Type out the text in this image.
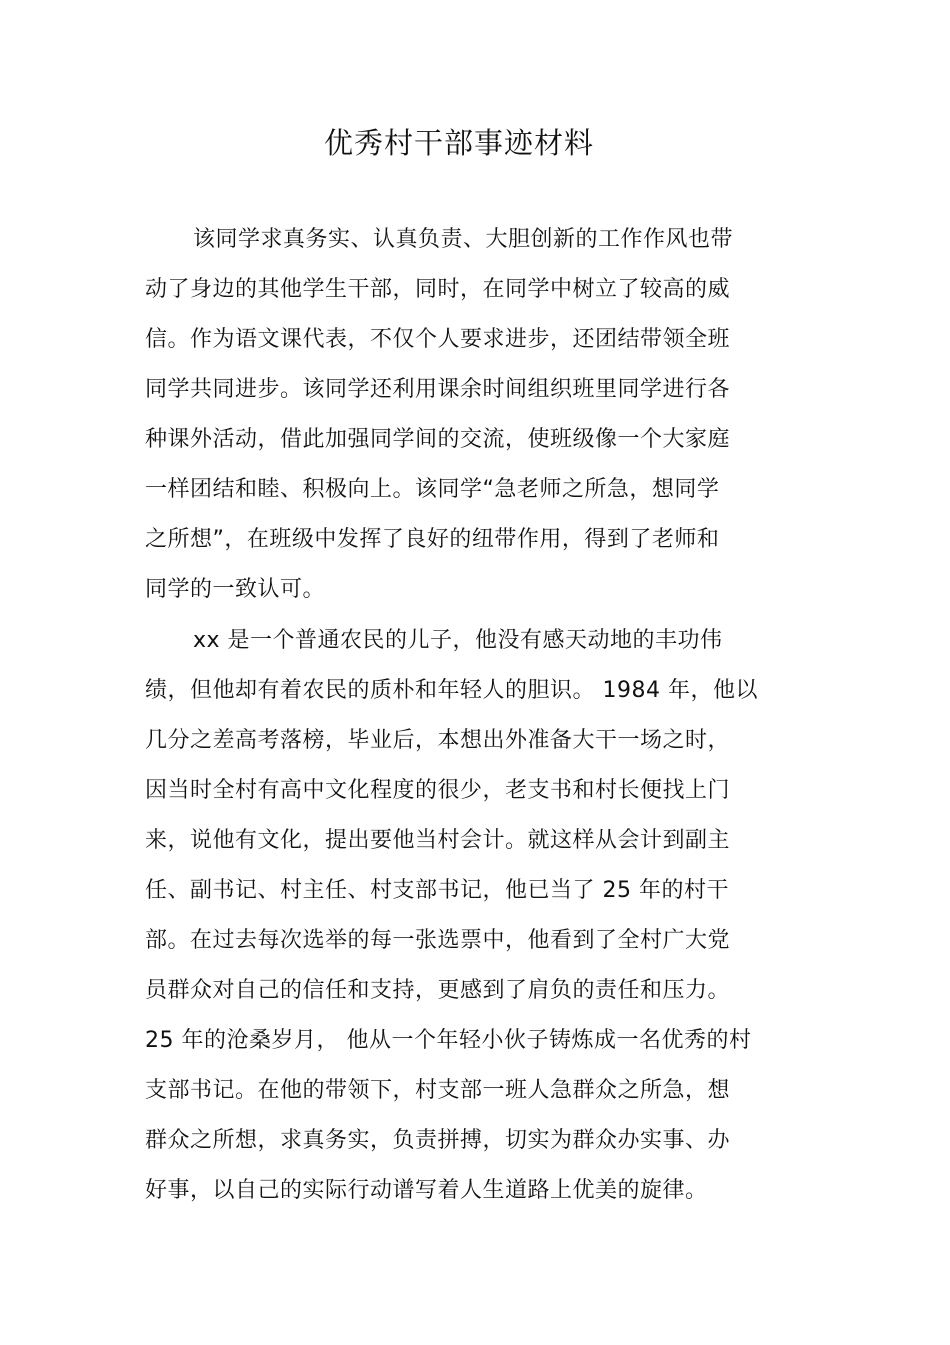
优秀村干部事迹材料
该同学求真务实、认真负责、大胆创新的工作作风也带
动了身边的其他学生干部，同时，在同学中树立了较高的威
信。作为语文课代表，不仅个人要求进步，还团结带领全班
同学共同进步。该同学还利用课余时间组织班里同学进行各
种课外活动，借此加强同学间的交流，使班级像一个大家庭
一样团结和睦、积极向上。该同学“急老师之所急，想同学
之所想”，在班级中发挥了良好的纽带作用，得到了老师和
同学的一致认可。
xx 是一个普通农民的儿子，他没有感天动地的丰功伟
绩，但他却有着农民的质朴和年轻人的胆识。 1984 年，他以
几分之差高考落榜，毕业后，本想出外准备大干一场之时，
因当时全村有高中文化程度的很少，老支书和村长便找上门
来，说他有文化，提出要他当村会计。就这样从会计到副主
任、副书记、村主任、村支部书记，他已当了 25 年的村干
部。在过去每次选举的每一张选票中，他看到了全村广大党
员群众对自己的信任和支持，更感到了肩负的责任和压力。
25 年的沧桑岁月， 他从一个年轻小伙子铸炼成一名优秀的村
支部书记。在他的带领下，村支部一班人急群众之所急，想
群众之所想，求真务实，负责拼搏，切实为群众办实事、办
好事，以自己的实际行动谱写着人生道路上优美的旋律。
